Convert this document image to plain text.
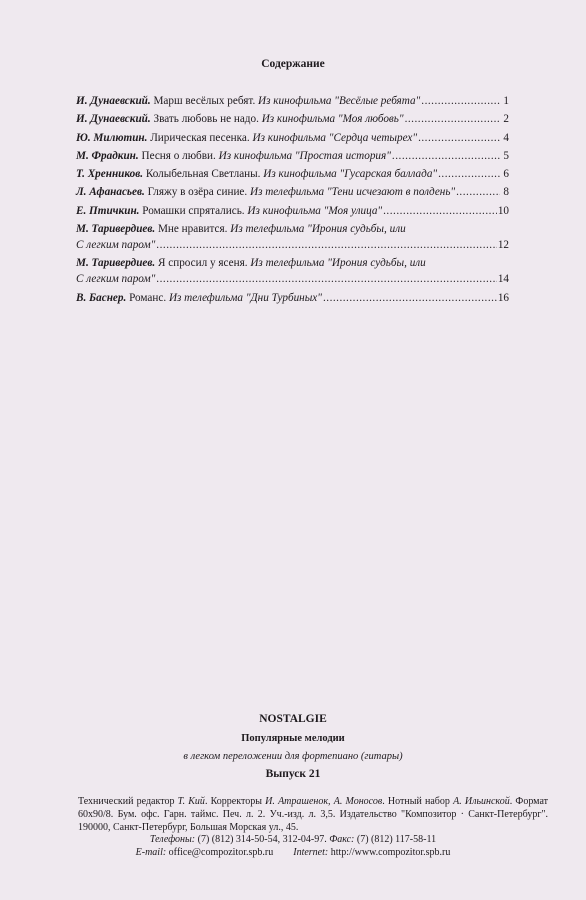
Содержание
И. Дунаевский. Марш весёлых ребят. Из кинофильма "Весёлые ребята" .....	1
И. Дунаевский. Звать любовь не надо. Из кинофильма "Моя любовь" .....	2
Ю. Милютин. Лирическая песенка. Из кинофильма "Сердца четырех" .....	4
М. Фрадкин. Песня о любви. Из кинофильма "Простая история" .....	5
Т. Хренников. Колыбельная Светланы. Из кинофильма "Гусарская баллада" .....	6
Л. Афанасьев. Гляжу в озёра синие. Из телефильма "Тени исчезают в полдень" .....	8
Е. Птичкин. Ромашки спрятались. Из кинофильма "Моя улица" .....	10
М. Таривердиев. Мне нравится. Из телефильма "Ирония судьбы, или
С легким паром" .....	12
М. Таривердиев. Я спросил у ясеня. Из телефильма "Ирония судьбы, или
С легким паром" .....	14
В. Баснер. Романс. Из телефильма "Дни Турбиных" .....	16
NOSTALGIE
Популярные мелодии
в легком переложении для фортепиано (гитары)
Выпуск 21
Технический редактор Т. Кий. Корректоры И. Атрашенок, А. Моносов. Нотный набор А. Ильинской. Формат 60x90/8. Бум. офс. Гарн. таймс. Печ. л. 2. Уч.-изд. л. 3,5. Издательство "Композитор · Санкт-Петербург". 190000, Санкт-Петербург, Большая Морская ул., 45.
Телефоны: (7) (812) 314-50-54, 312-04-97. Факс: (7) (812) 117-58-11
E-mail: office@compozitor.spb.ru Internet: http://www.compozitor.spb.ru
